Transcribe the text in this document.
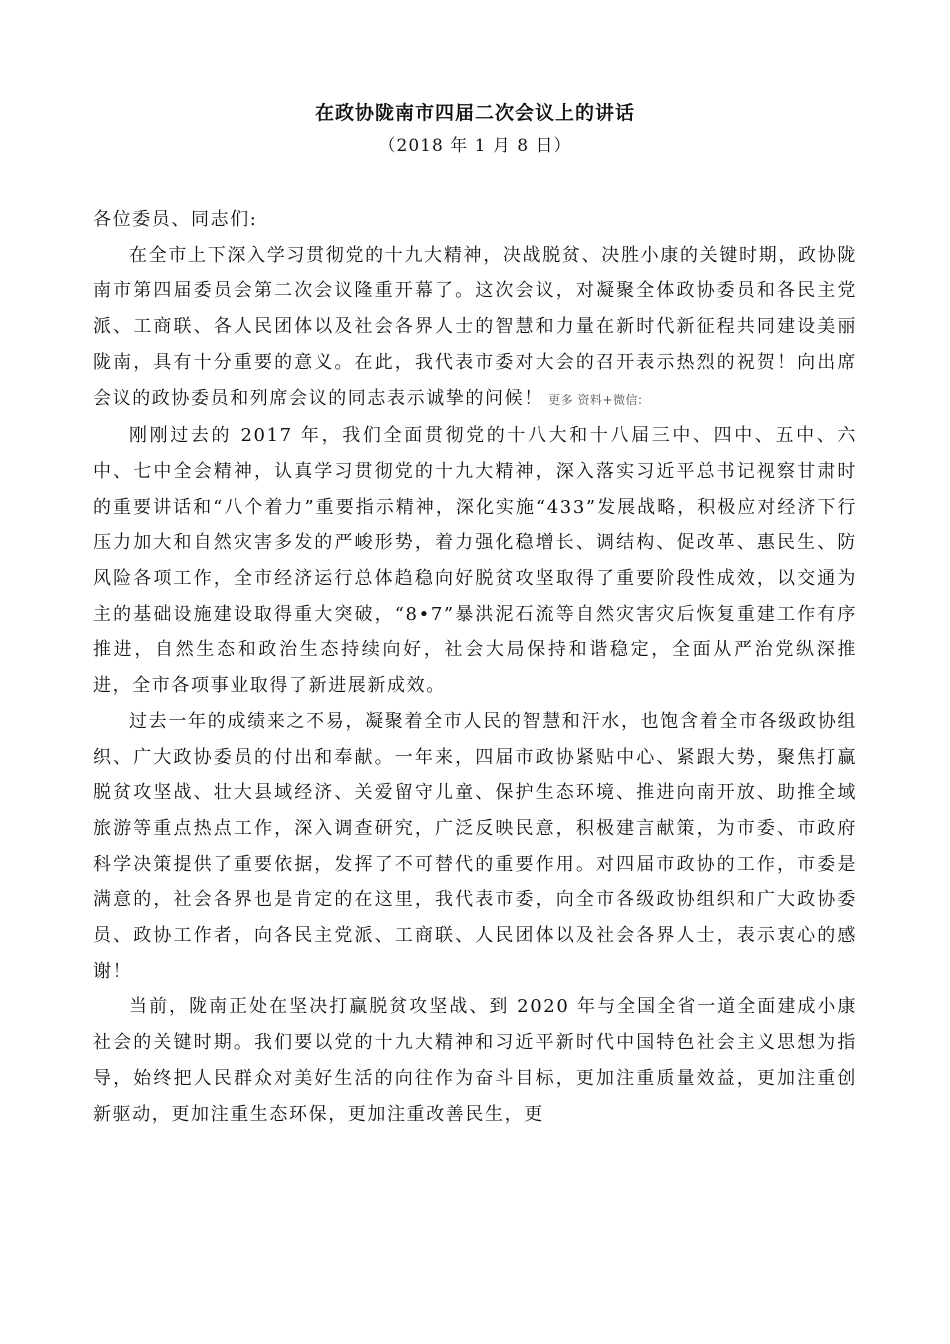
在政协陇南市四届二次会议上的讲话
（2018 年 1 月 8 日）

各位委员、同志们:

在全市上下深入学习贯彻党的十九大精神，决战脱贫、决胜小康的关键时期，政协陇南市第四届委员会第二次会议隆重开幕了。这次会议，对凝聚全体政协委员和各民主党派、工商联、各人民团体以及社会各界人士的智慧和力量在新时代新征程共同建设美丽陇南，具有十分重要的意义。在此，我代表市委对大会的召开表示热烈的祝贺！向出席会议的政协委员和列席会议的同志表示诚挚的问候！ 更多 资料+微信:

刚刚过去的 2017 年，我们全面贯彻党的十八大和十八届三中、四中、五中、六中、七中全会精神，认真学习贯彻党的十九大精神，深入落实习近平总书记视察甘肃时的重要讲话和“八个着力”重要指示精神，深化实施“433”发展战略，积极应对经济下行压力加大和自然灾害多发的严峻形势，着力强化稳增长、调结构、促改革、惠民生、防风险各项工作，全市经济运行总体趋稳向好脱贫攻坚取得了重要阶段性成效，以交通为主的基础设施建设取得重大突破，“8•7”暴洪泥石流等自然灾害灾后恢复重建工作有序推进，自然生态和政治生态持续向好，社会大局保持和谐稳定，全面从严治党纵深推进，全市各项事业取得了新进展新成效。

过去一年的成绩来之不易，凝聚着全市人民的智慧和汗水，也饱含着全市各级政协组织、广大政协委员的付出和奉献。一年来，四届市政协紧贴中心、紧跟大势，聚焦打赢脱贫攻坚战、壮大县域经济、关爱留守儿童、保护生态环境、推进向南开放、助推全域旅游等重点热点工作，深入调查研究，广泛反映民意，积极建言献策，为市委、市政府科学决策提供了重要依据，发挥了不可替代的重要作用。对四届市政协的工作，市委是满意的，社会各界也是肯定的在这里，我代表市委，向全市各级政协组织和广大政协委员、政协工作者，向各民主党派、工商联、人民团体以及社会各界人士，表示衷心的感谢！

当前，陇南正处在坚决打赢脱贫攻坚战、到 2020 年与全国全省一道全面建成小康社会的关键时期。我们要以党的十九大精神和习近平新时代中国特色社会主义思想为指导，始终把人民群众对美好生活的向往作为奋斗目标，更加注重质量效益，更加注重创新驱动，更加注重生态环保，更加注重改善民生，更
